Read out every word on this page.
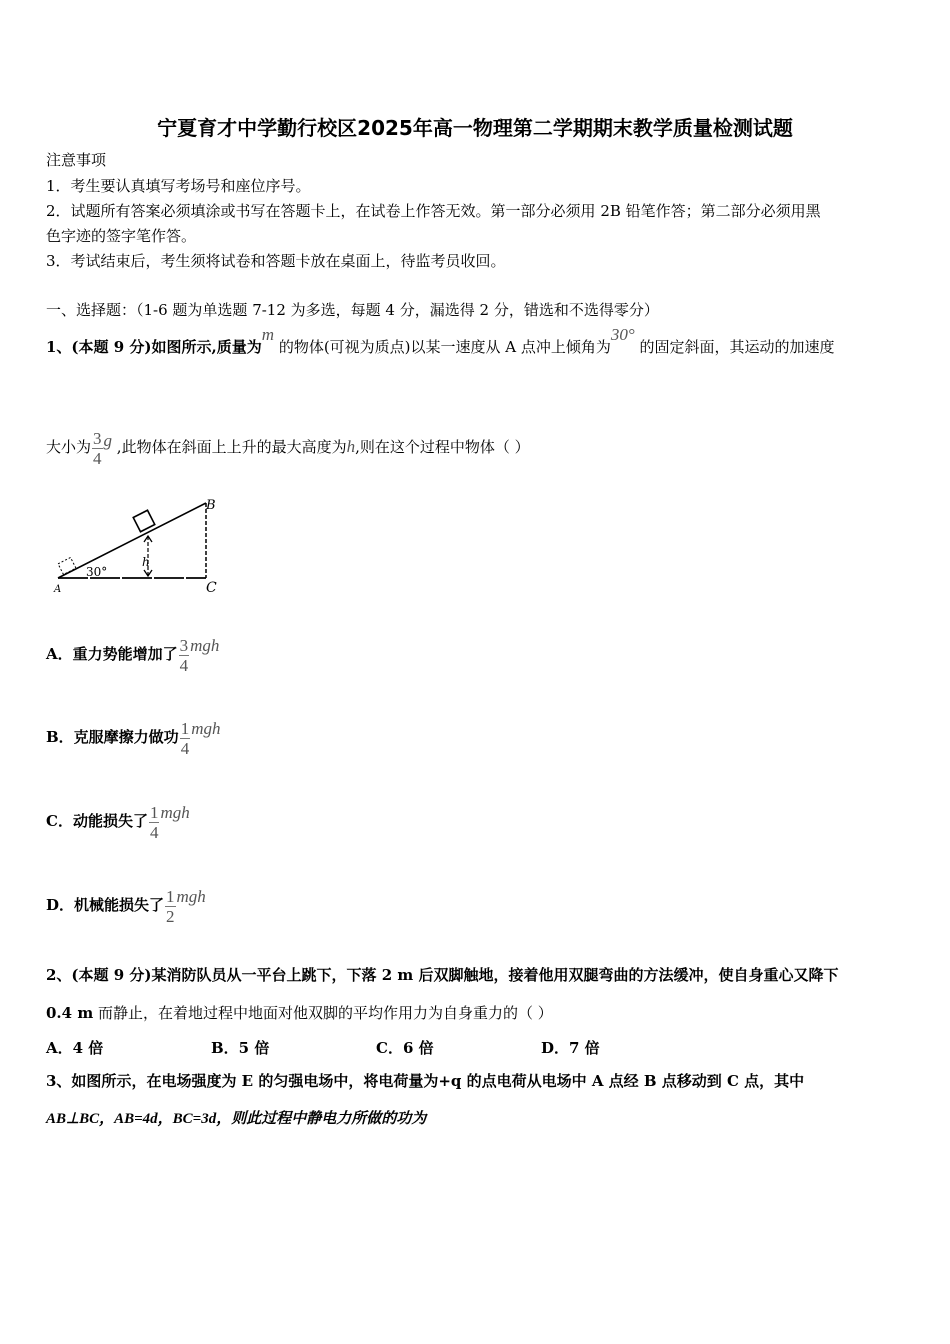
宁夏育才中学勤行校区2025年高一物理第二学期期末教学质量检测试题
注意事项
1．考生要认真填写考场号和座位序号。
2．试题所有答案必须填涂或书写在答题卡上，在试卷上作答无效。第一部分必须用 2B 铅笔作答；第二部分必须用黑
色字迹的签字笔作答。
3．考试结束后，考生须将试卷和答题卡放在桌面上，待监考员收回。
一、选择题：（1-6 题为单选题 7-12 为多选，每题 4 分，漏选得 2 分，错选和不选得零分）
1、(本题 9 分)如图所示,质量为m 的物体(可视为质点)以某一速度从 A 点冲上倾角为30° 的固定斜面，其运动的加速度
大小为 $\frac{3}{4}$ g ,此物体在斜面上上升的最大高度为h,则在这个过程中物体（ ）
B
C
A
h
30°
A．重力势能增加了 $\frac{3}{4}$ mgh
B．克服摩擦力做功 $\frac{1}{4}$ mgh
C．动能损失了 $\frac{1}{4}$ mgh
D．机械能损失了 $\frac{1}{2}$ mgh
2、(本题 9 分)某消防队员从一平台上跳下，下落 2 m 后双脚触地，接着他用双腿弯曲的方法缓冲，使自身重心又降下
0.4 m 而静止，在着地过程中地面对他双脚的平均作用力为自身重力的（ ）
A．4 倍	B．5 倍	C．6 倍	D．7 倍
3、如图所示，在电场强度为 E 的匀强电场中，将电荷量为+q 的点电荷从电场中 A 点经 B 点移动到 C 点，其中
AB⊥BC，AB=4d，BC=3d，则此过程中静电力所做的功为
